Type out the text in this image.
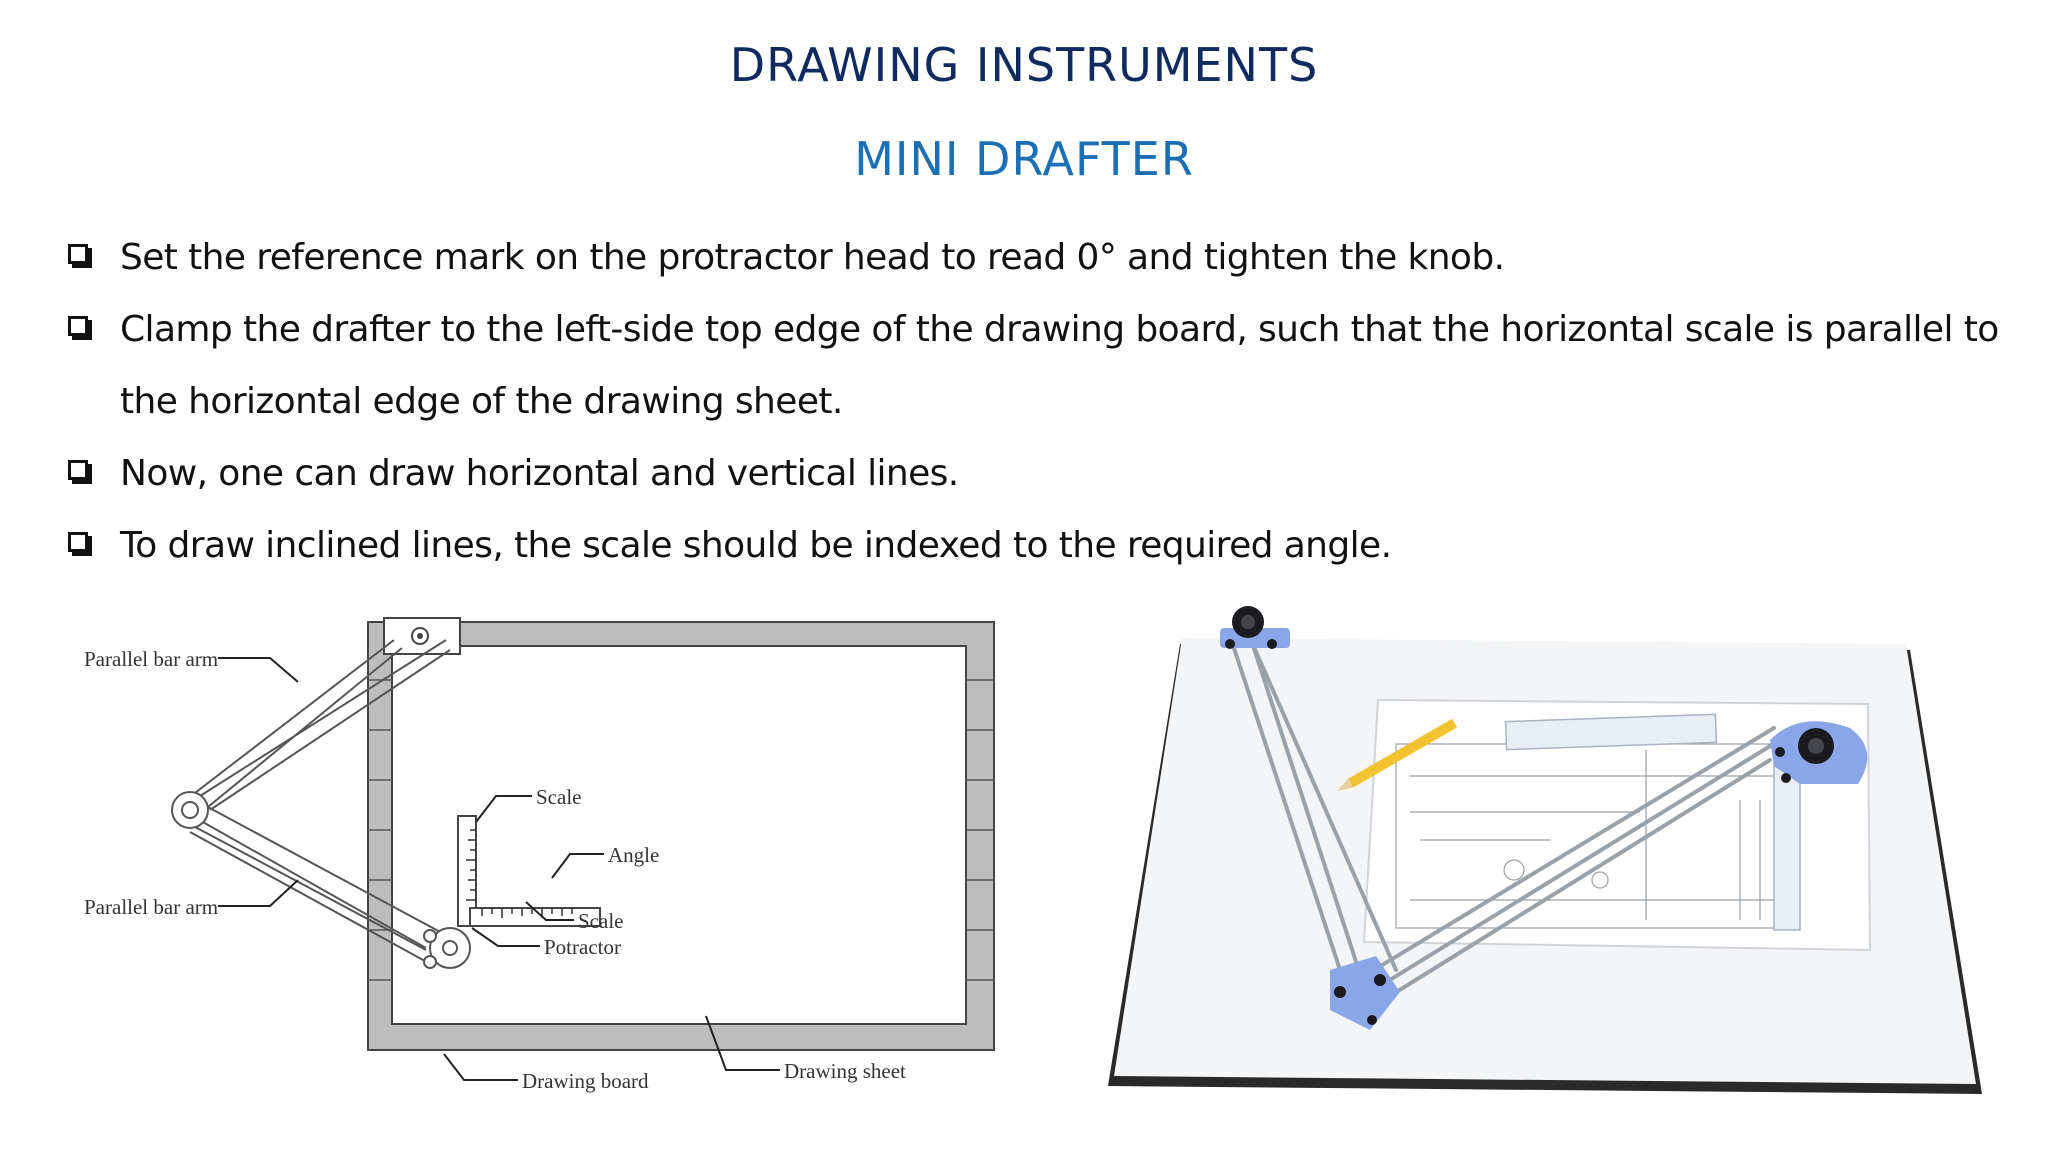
DRAWING INSTRUMENTS
MINI DRAFTER
Set the reference mark on the protractor head to read 0° and tighten the knob.
Clamp the drafter to the left-side top edge of the drawing board, such that the horizontal scale is parallel to the horizontal edge of the drawing sheet.
Now, one can draw horizontal and vertical lines.
To draw inclined lines, the scale should be indexed to the required angle.
Parallel bar arm
Parallel bar arm
Scale
Angle
Scale
Potractor
Drawing board	Drawing sheet
